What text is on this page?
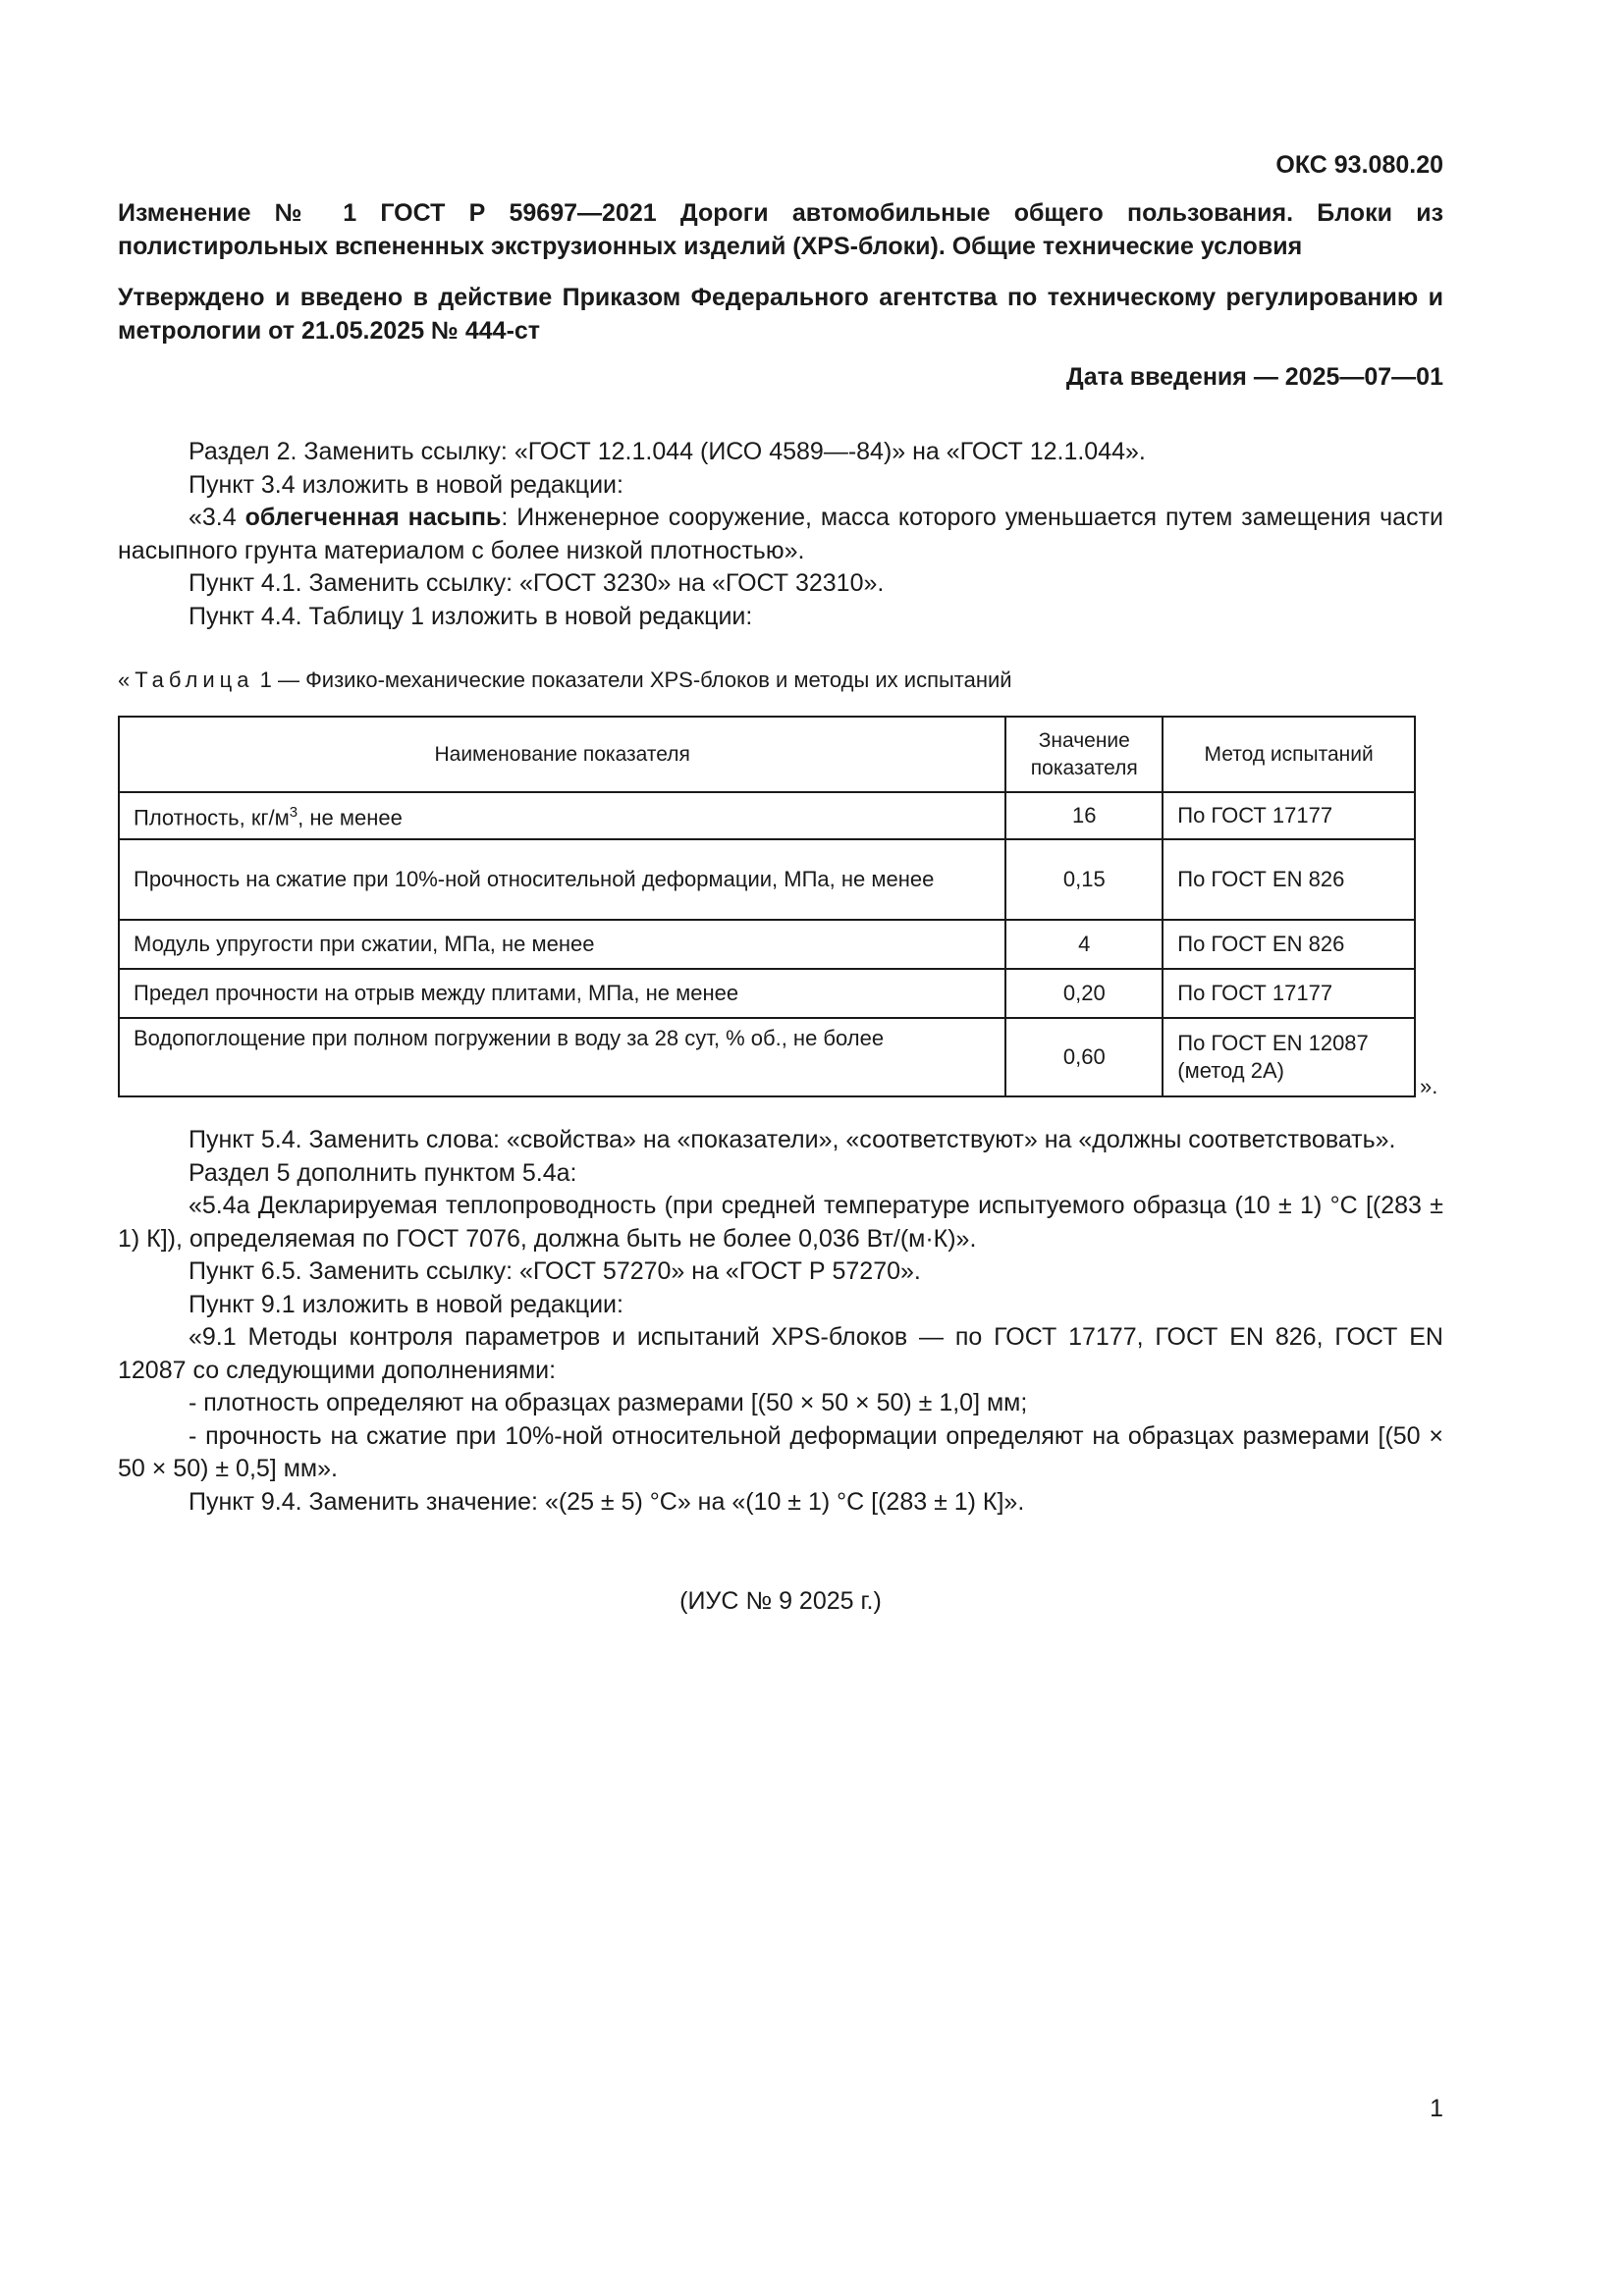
ОКС 93.080.20
Изменение № 1 ГОСТ Р 59697—2021 Дороги автомобильные общего пользования. Блоки из полистирольных вспененных экструзионных изделий (XPS-блоки). Общие технические условия
Утверждено и введено в действие Приказом Федерального агентства по техническому регулированию и метрологии от 21.05.2025 № 444-ст
Дата введения — 2025—07—01

Раздел 2. Заменить ссылку: «ГОСТ 12.1.044 (ИСО 4589—-84)» на «ГОСТ 12.1.044».

Пункт 3.4 изложить в новой редакции:

«3.4 облегченная насыпь: Инженерное сооружение, масса которого уменьшается путем замещения части насыпного грунта материалом с более низкой плотностью».

Пункт 4.1. Заменить ссылку: «ГОСТ 3230» на «ГОСТ 32310».

Пункт 4.4. Таблицу 1 изложить в новой редакции:

«Таблица 1 — Физико-механические показатели XPS-блоков и методы их испытаний
Наименование показателя	Значение показателя	Метод испытаний
Плотность, $кг/м^3$, не менее	16	По ГОСТ 17177
Прочность на сжатие при 10%-ной относительной деформации, МПа, не менее	0,15	По ГОСТ EN 826
Модуль упругости при сжатии, МПа, не менее	4	По ГОСТ EN 826
Предел прочности на отрыв между плитами, МПа, не менее	0,20	По ГОСТ 17177
Водопоглощение при полном погружении в воду за 28 сут, % об., не более	0,60	По ГОСТ EN 12087
(метод 2А)
».

Пункт 5.4. Заменить слова: «свойства» на «показатели», «соответствуют» на «должны соответствовать».

Раздел 5 дополнить пунктом 5.4а:

«5.4а Декларируемая теплопроводность (при средней температуре испытуемого образца (10 ± 1) °С [(283 ± 1) К]), определяемая по ГОСТ 7076, должна быть не более 0,036 Вт/(м·К)».

Пункт 6.5. Заменить ссылку: «ГОСТ 57270» на «ГОСТ Р 57270».

Пункт 9.1 изложить в новой редакции:

«9.1 Методы контроля параметров и испытаний XPS-блоков — по ГОСТ 17177, ГОСТ EN 826, ГОСТ EN 12087 со следующими дополнениями:

- плотность определяют на образцах размерами [(50 × 50 × 50) ± 1,0] мм;

- прочность на сжатие при 10%-ной относительной деформации определяют на образцах размерами [(50 × 50 × 50) ± 0,5] мм».

Пункт 9.4. Заменить значение: «(25 ± 5) °С» на «(10 ± 1) °С [(283 ± 1) К]».

(ИУС № 9 2025 г.)
1
